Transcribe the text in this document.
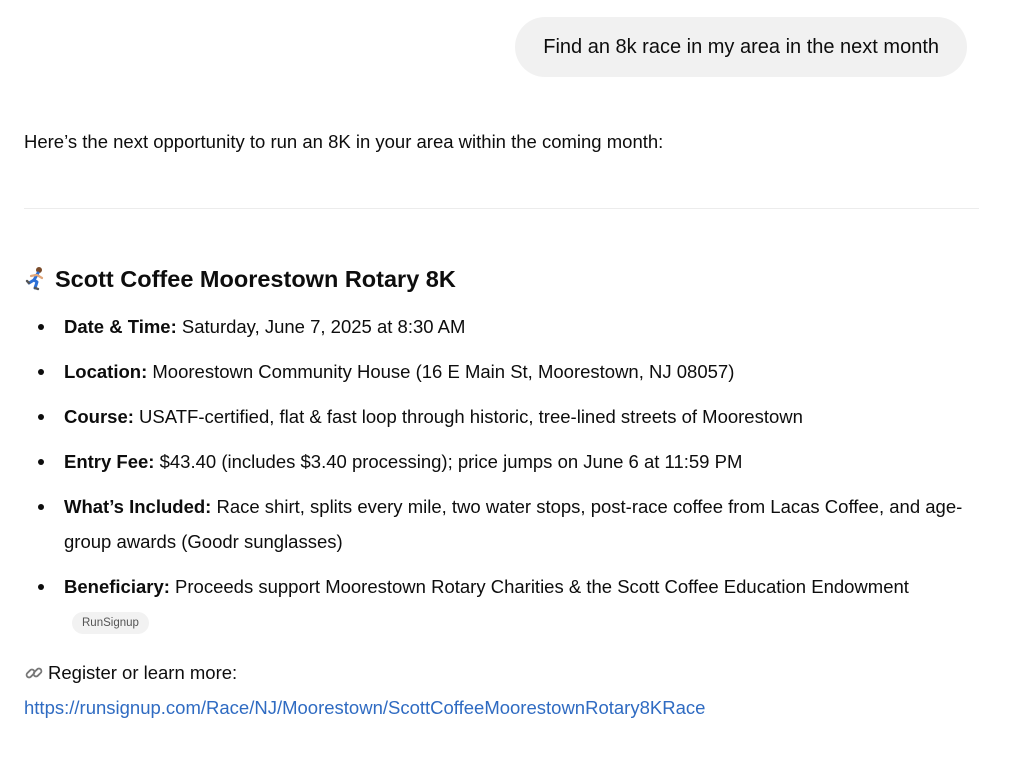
Find an 8k race in my area in the next month
Here’s the next opportunity to run an 8K in your area within the coming month:
Scott Coffee Moorestown Rotary 8K
Date & Time: Saturday, June 7, 2025 at 8:30 AM
Location: Moorestown Community House (16 E Main St, Moorestown, NJ 08057)
Course: USATF-certified, flat & fast loop through historic, tree-lined streets of Moorestown
Entry Fee: $43.40 (includes $3.40 processing); price jumps on June 6 at 11:59 PM
What’s Included: Race shirt, splits every mile, two water stops, post-race coffee from Lacas Coffee, and age-group awards (Goodr sunglasses)
Beneficiary: Proceeds support Moorestown Rotary Charities & the Scott Coffee Education Endowment RunSignup
Register or learn more:
https://runsignup.com/Race/NJ/Moorestown/ScottCoffeeMoorestownRotary8KRace
